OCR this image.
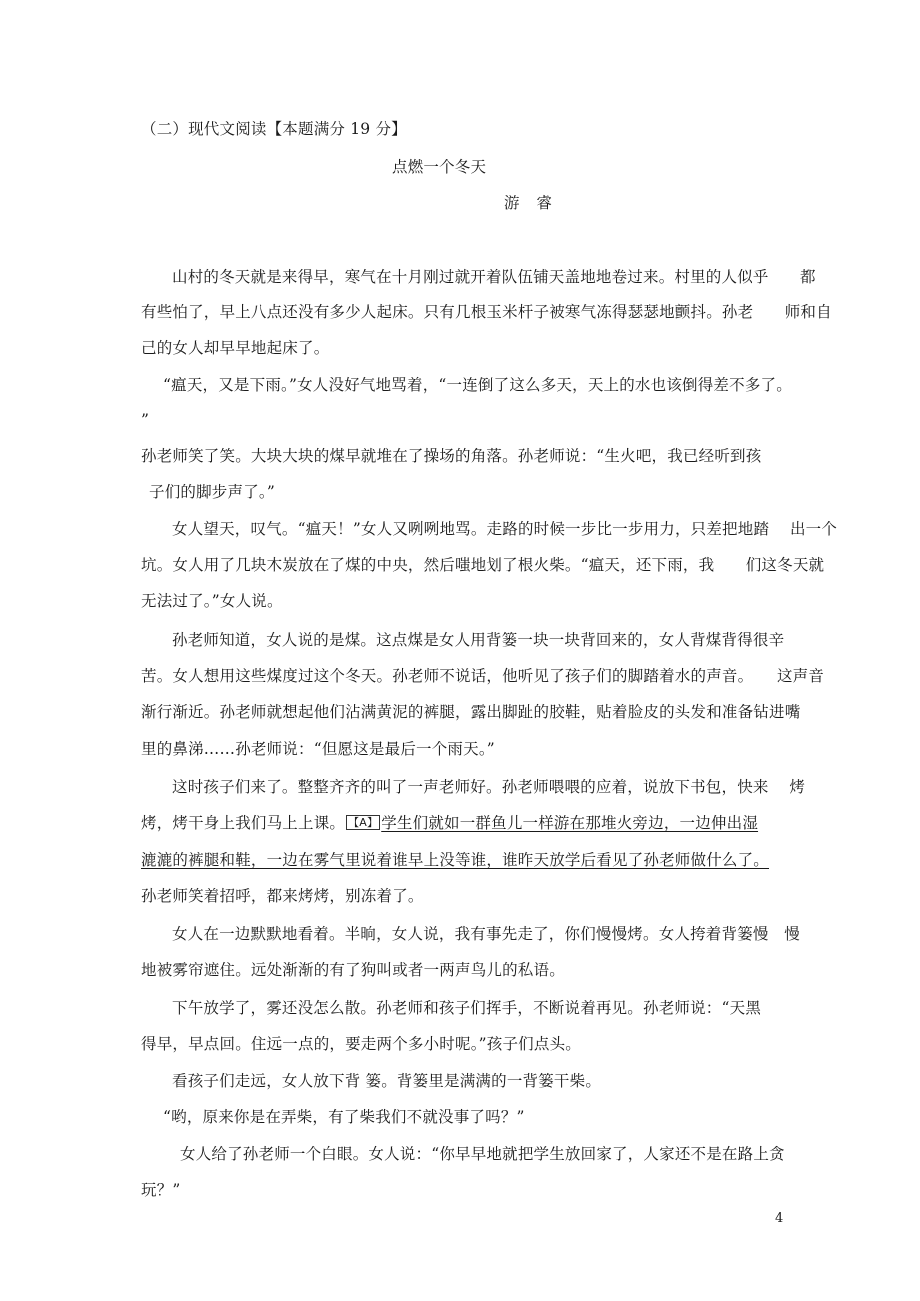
（二）现代文阅读【本题满分 19 分】
点燃一个冬天
游 睿
山村的冬天就是来得早，寒气在十月刚过就开着队伍铺天盖地地卷过来。村里的人似乎　　都
有些怕了，早上八点还没有多少人起床。只有几根玉米杆子被寒气冻得瑟瑟地颤抖。孙老　　师和自
己的女人却早早地起床了。
“瘟天，又是下雨。”女人没好气地骂着，“一连倒了这么多天，天上的水也该倒得差不多了。
”
孙老师笑了笑。大块大块的煤早就堆在了操场的角落。孙老师说：“生火吧，我已经听到孩
子们的脚步声了。”
女人望天，叹气。“瘟天！”女人又咧咧地骂。走路的时候一步比一步用力，只差把地踏　 出一个
坑。女人用了几块木炭放在了煤的中央，然后嗤地划了根火柴。“瘟天，还下雨，我　　们这冬天就
无法过了。”女人说。
孙老师知道，女人说的是煤。这点煤是女人用背篓一块一块背回来的，女人背煤背得很辛
苦。女人想用这些煤度过这个冬天。孙老师不说话，他听见了孩子们的脚踏着水的声音。　　这声音
渐行渐近。孙老师就想起他们沾满黄泥的裤腿，露出脚趾的胶鞋，贴着脸皮的头发和准备钻进嘴
里的鼻涕……孙老师说：“但愿这是最后一个雨天。”
这时孩子们来了。整整齐齐的叫了一声老师好。孙老师喂喂的应着，说放下书包，快来　 烤
烤，烤干身上我们马上上课。 【A】 学生们就如一群鱼儿一样游在那堆火旁边，一边伸出湿
漉漉的裤腿和鞋，一边在雾气里说着谁早上没等谁，谁昨天放学后看见了孙老师做什么了。
孙老师笑着招呼，都来烤烤，别冻着了。
女人在一边默默地看着。半晌，女人说，我有事先走了，你们慢慢烤。女人挎着背篓慢　慢
地被雾帘遮住。远处渐渐的有了狗叫或者一两声鸟儿的私语。
下午放学了，雾还没怎么散。孙老师和孩子们挥手，不断说着再见。孙老师说：“天黑
得早，早点回。住远一点的，要走两个多小时呢。”孩子们点头。
看孩子们走远，女人放下背 篓。背篓里是满满的一背篓干柴。
“哟，原来你是在弄柴，有了柴我们不就没事了吗？”
女人给了孙老师一个白眼。女人说：“你早早地就把学生放回家了，人家还不是在路上贪
玩？”
4
